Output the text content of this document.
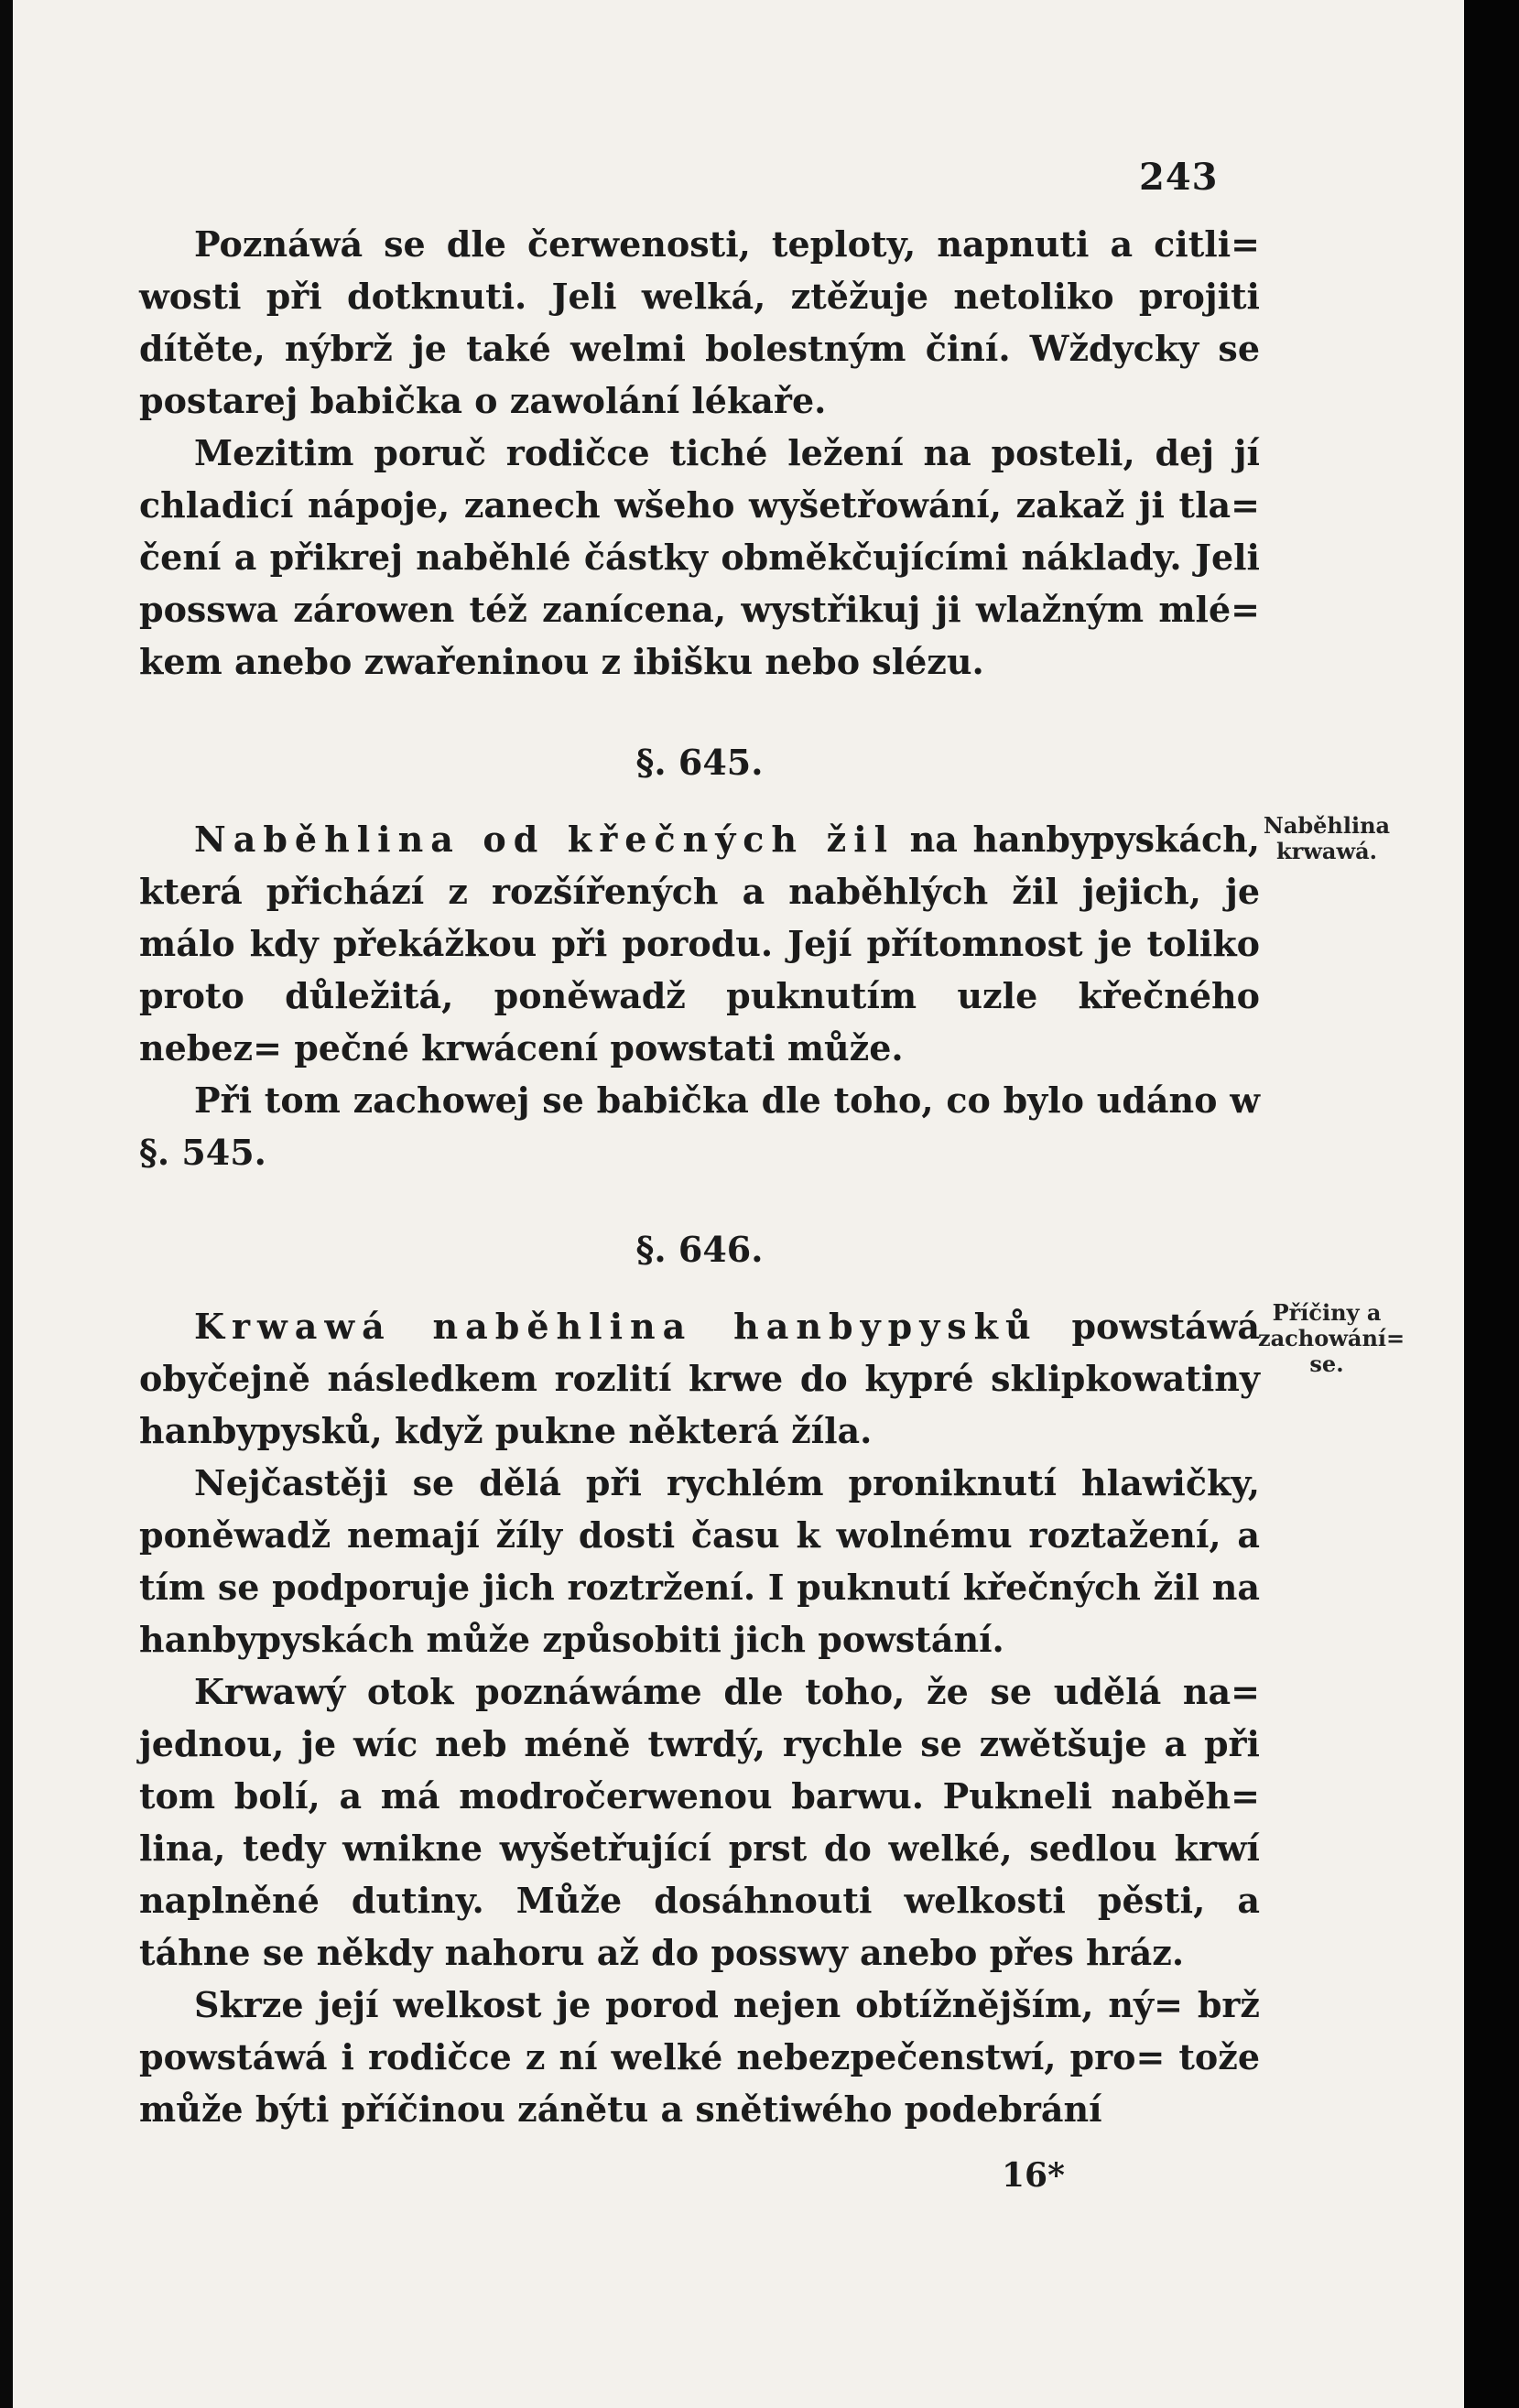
243

Poznáwá se dle čerwenosti, teploty, napnuti a citli= wosti při dotknuti. Jeli welká, ztěžuje netoliko projiti dítěte, nýbrž je také welmi bolestným činí. Wždycky se postarej babička o zawolání lékaře.

Mezitim poruč rodičce tiché ležení na posteli, dej jí chladicí nápoje, zanech wšeho wyšetřowání, zakaž ji tla= čení a přikrej naběhlé částky obměkčujícími náklady. Jeli posswa zárowen též zanícena, wystřikuj ji wlažným mlé= kem anebo zwařeninou z ibišku nebo slézu.

§. 645.

Naběhlina od křečných žil na hanbypyskách, která přichází z rozšířených a naběhlých žil jejich, je málo kdy překážkou při porodu. Její přítomnost je toliko proto důležitá, poněwadž puknutím uzle křečného nebez= pečné krwácení powstati může.

Při tom zachowej se babička dle toho, co bylo udáno w §. 545.

Naběhlina
krwawá.
§. 646.

Krwawá naběhlina hanbypysků powstáwá obyčejně následkem rozlití krwe do kypré sklipkowatiny hanbypysků, když pukne některá žíla.

Nejčastěji se dělá při rychlém proniknutí hlawičky, poněwadž nemají žíly dosti času k wolnému roztažení, a tím se podporuje jich roztržení. I puknutí křečných žil na hanbypyskách může způsobiti jich powstání.

Krwawý otok poznáwáme dle toho, že se udělá na= jednou, je wíc neb méně twrdý, rychle se zwětšuje a při tom bolí, a má modročerwenou barwu. Pukneli naběh= lina, tedy wnikne wyšetřující prst do welké, sedlou krwí naplněné dutiny. Může dosáhnouti welkosti pěsti, a táhne se někdy nahoru až do posswy anebo přes hráz.

Skrze její welkost je porod nejen obtížnějším, ný= brž powstáwá i rodičce z ní welké nebezpečenstwí, pro= tože může býti příčinou zánětu a snětiwého podebrání

Příčiny a
zachowání=
se.
16*
